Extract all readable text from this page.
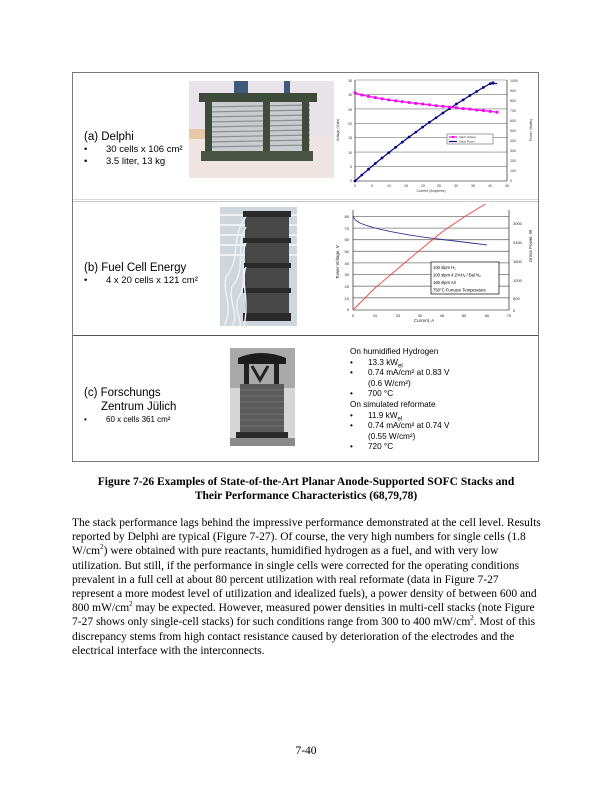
(a) Delphi
• 30 cells x 106 cm²
• 3.5 liter, 13 kg
35
30
25
20
15
10
5
0
1000
900
800
700
600
500
400
300
200
100
0
0	5	10	15	20	25	30	35	40	45
Current (Amperes)
Voltage (Volts)	Power (Watts)
Stack Voltage
Stack Power
(b) Fuel Cell Energy
• 4 x 20 cells x 121 cm²
80
70
60
50
40
30
20
10
0
3000
2400
1800
1200
600
0
0	10	20	30	40	50	60	70
Current, A
Tower Voltage, V	Gross Power, W
100 slpm H₂
100 slpm 4.2%H₂ / Bal N₂
160 slpm Air
750°C Furnace Temperature
(c) Forschungs
Zentrum Jülich
• 60 x cells 361 cm²
On humidified Hydrogen
• 13.3 $kW_{el}$
• 0.74 mA/cm² at 0.83 V
(0.6 W/cm²)
• 700 °C
On simulated reformate
• 11.9 $kW_{el}$
• 0.74 mA/cm² at 0.74 V
(0.55 W/cm²)
• 720 °C
Figure 7-26 Examples of State-of-the-Art Planar Anode-Supported SOFC Stacks and
Their Performance Characteristics (68,79,78)

The stack performance lags behind the impressive performance demonstrated at the cell level. Results reported by Delphi are typical (Figure 7-27). Of course, the very high numbers for single cells (1.8 $W/cm^2$) were obtained with pure reactants, humidified hydrogen as a fuel, and with very low utilization. But still, if the performance in single cells were corrected for the operating conditions prevalent in a full cell at about 80 percent utilization with real reformate (data in Figure 7-27 represent a more modest level of utilization and idealized fuels), a power density of between 600 and 800 $mW/cm^2$ may be expected. However, measured power densities in multi-cell stacks (note Figure 7-27 shows only single-cell stacks) for such conditions range from 300 to 400 $mW/cm^2$. Most of this discrepancy stems from high contact resistance caused by deterioration of the electrodes and the electrical interface with the interconnects.

7-40
